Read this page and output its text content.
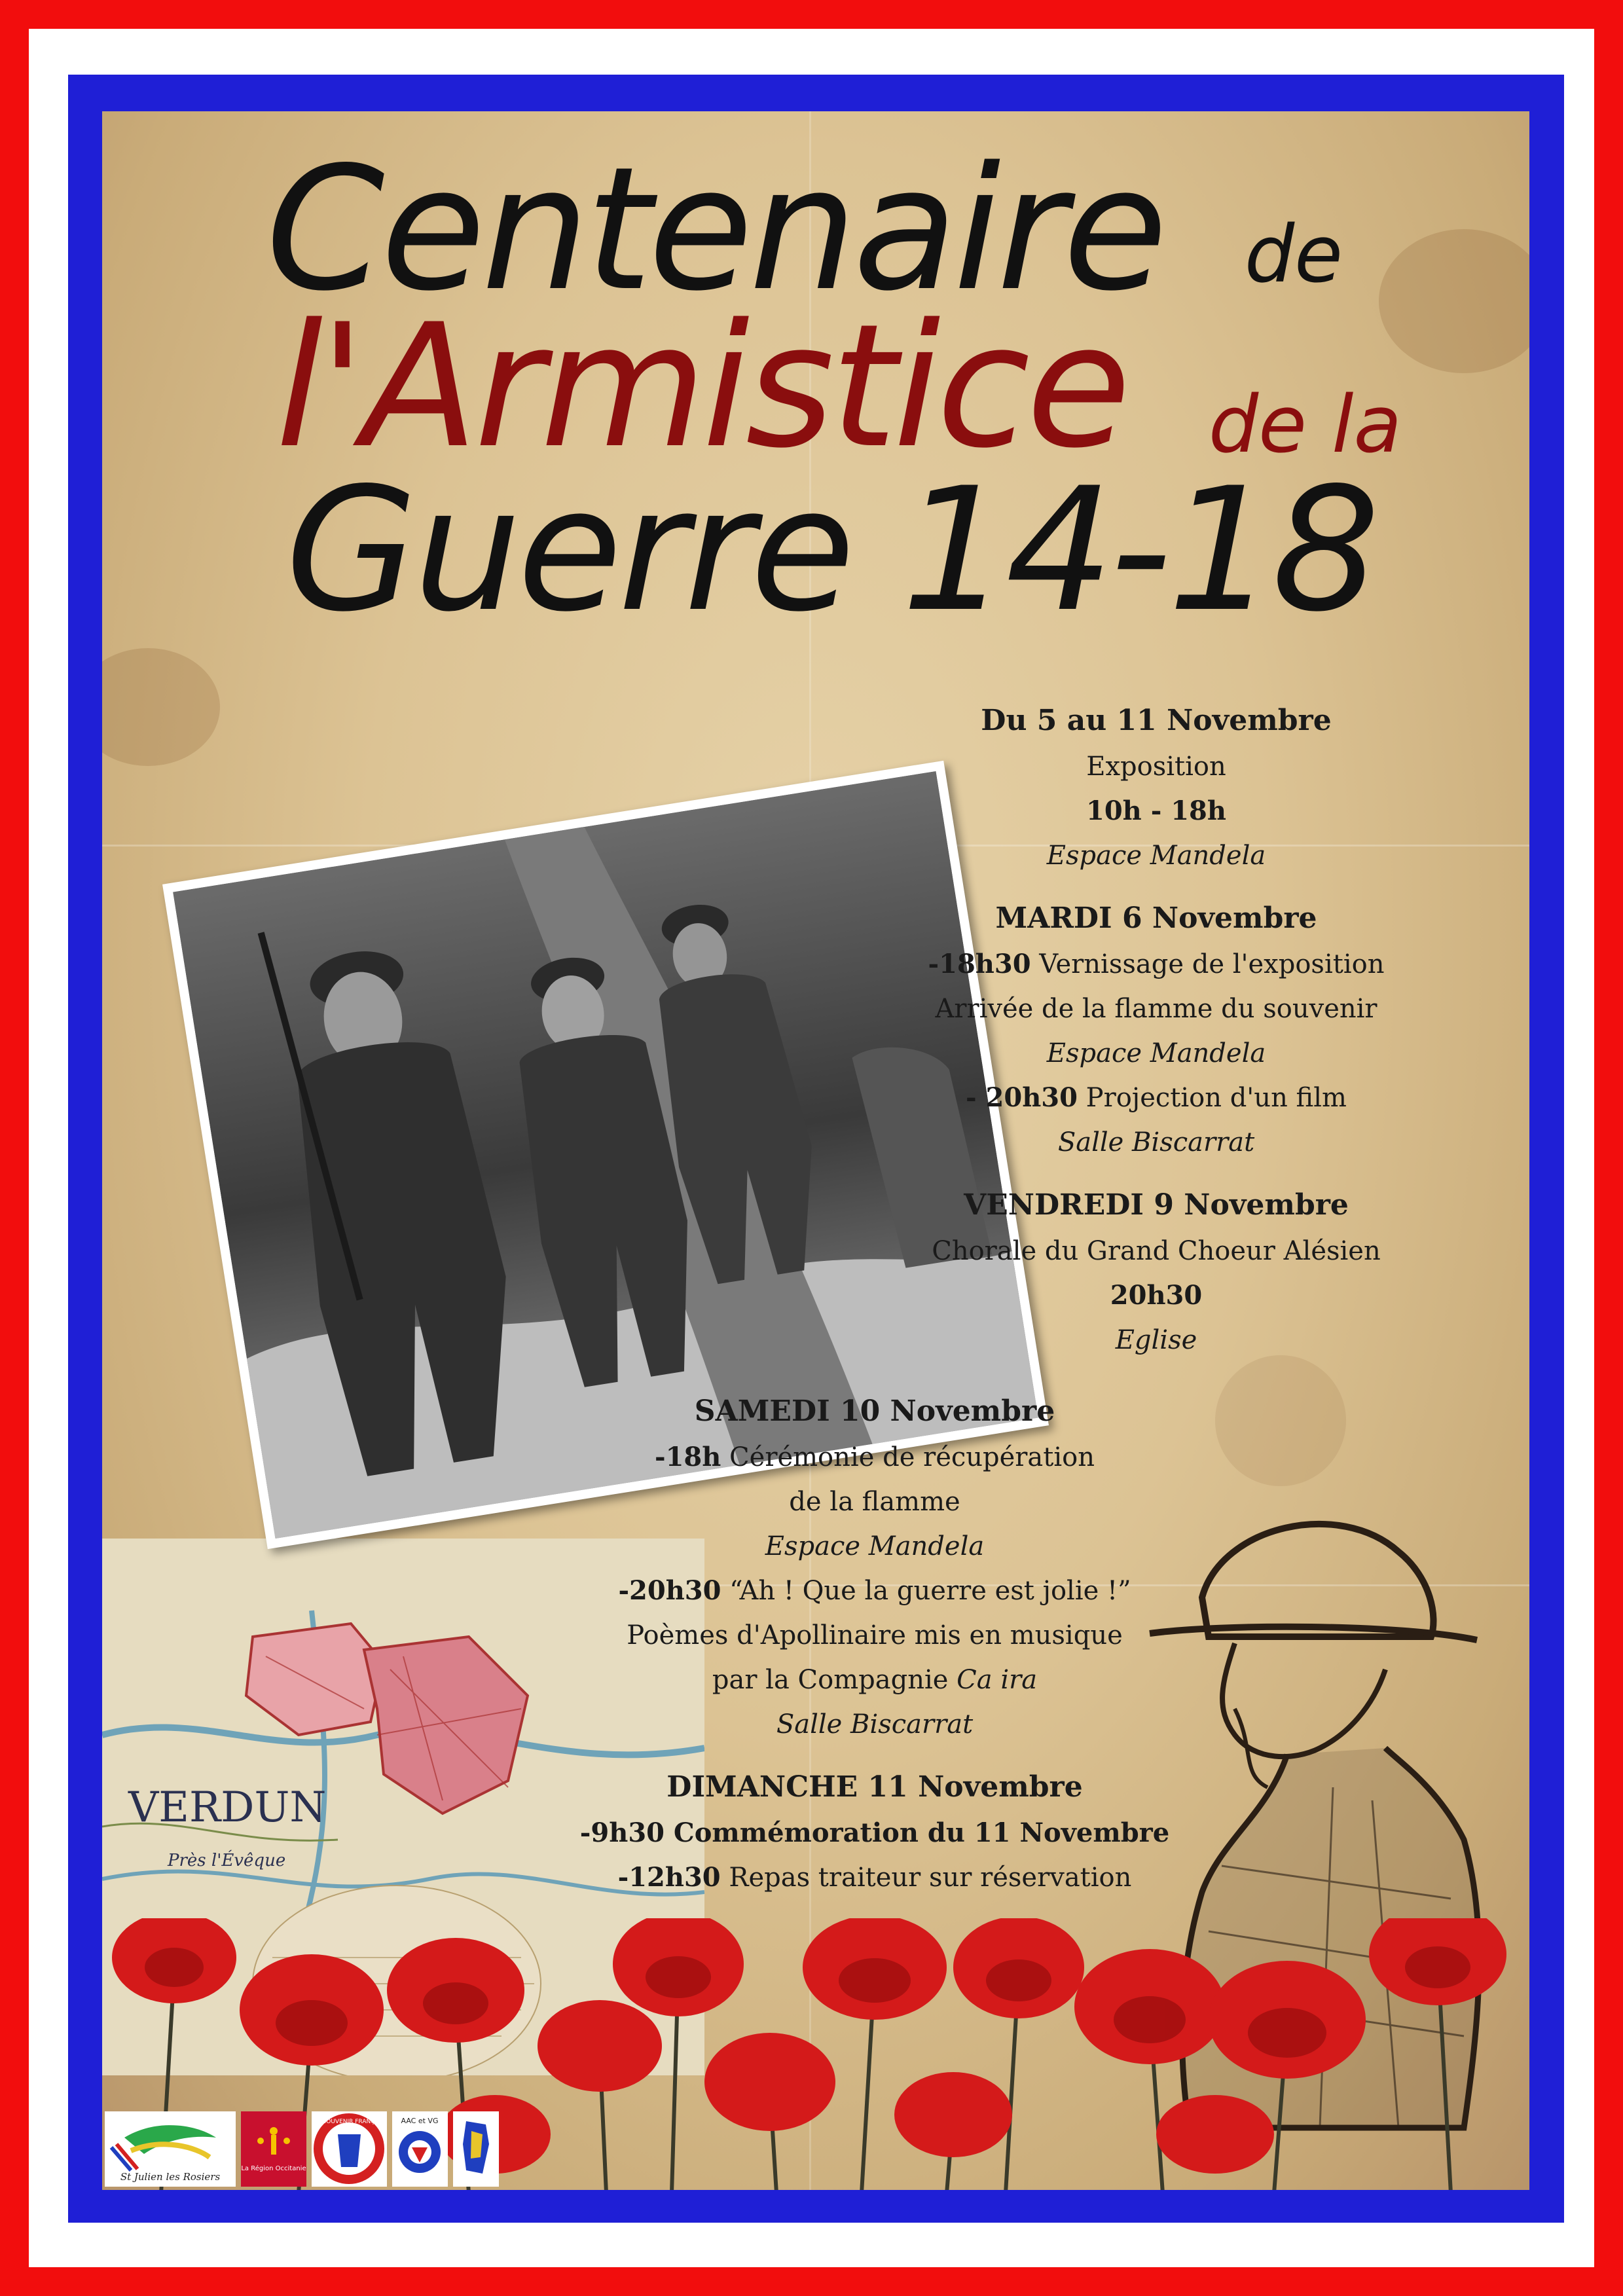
Centenaire de
l'Armistice de la
Guerre 14-18
VERDUN
Près l'Évêque
Du 5 au 11 Novembre
Exposition
10h - 18h
Espace Mandela
MARDI 6 Novembre
-18h30 Vernissage de l'exposition
Arrivée de la flamme du souvenir
Espace Mandela
- 20h30 Projection d'un film
Salle Biscarrat
VENDREDI 9 Novembre
Chorale du Grand Choeur Alésien
20h30
Eglise
SAMEDI 10 Novembre
-18h Cérémonie de récupération
de la flamme
Espace Mandela
-20h30 “Ah ! Que la guerre est jolie !”
Poèmes d'Apollinaire mis en musique
par la Compagnie Ca ira
Salle Biscarrat
DIMANCHE 11 Novembre
-9h30 Commémoration du 11 Novembre
-12h30 Repas traiteur sur réservation
St Julien les Rosiers
La Région Occitanie
LE SOUVENIR FRANÇAIS AAC et VG
